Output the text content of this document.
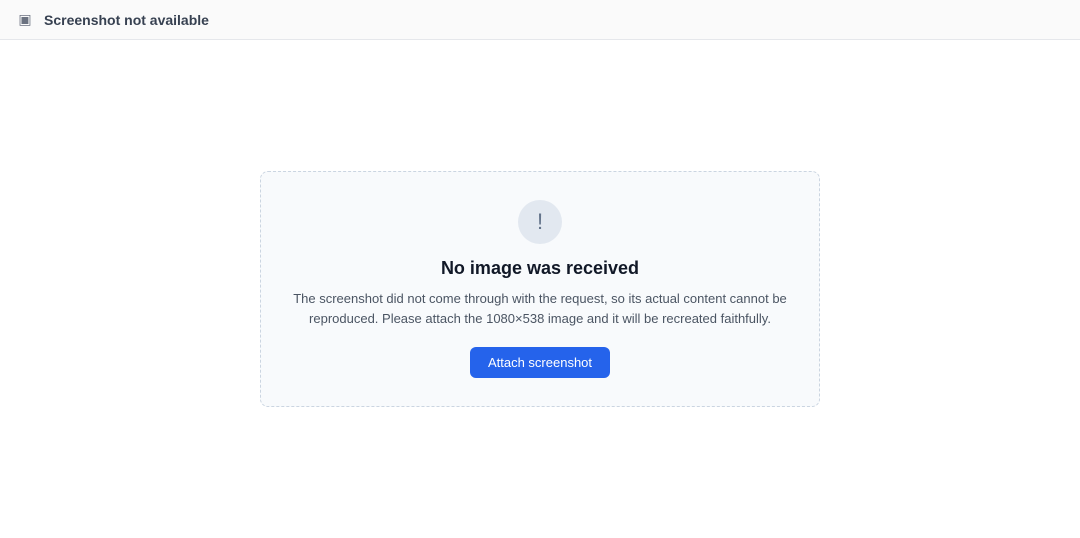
▣ Screenshot not available
!
No image was received

The screenshot did not come through with the request, so its actual content cannot be reproduced. Please attach the 1080×538 image and it will be recreated faithfully.

Attach screenshot
